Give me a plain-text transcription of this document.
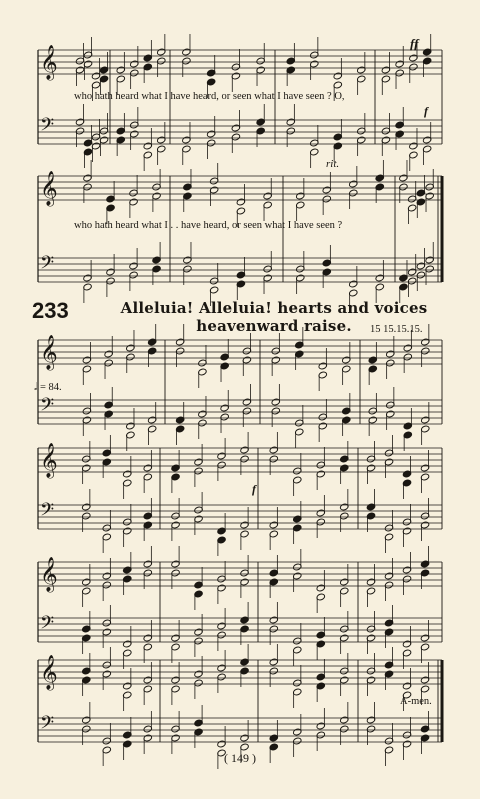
𝄞
𝄢
𝄞
𝄢
𝄞
𝄢
𝄞
𝄢
𝄞
𝄢
𝄞
𝄢
ff
who hath heard what I have heard, or seen what I have seen ? O,
f
rit.
who hath heard what I . . have heard, or seen what I have seen ?
233	Alleluia! Alleluia! hearts and voices heavenward raise.	15 15.15.15.
𝅗𝅥 = 84.
f
A-men.
( 149 )
